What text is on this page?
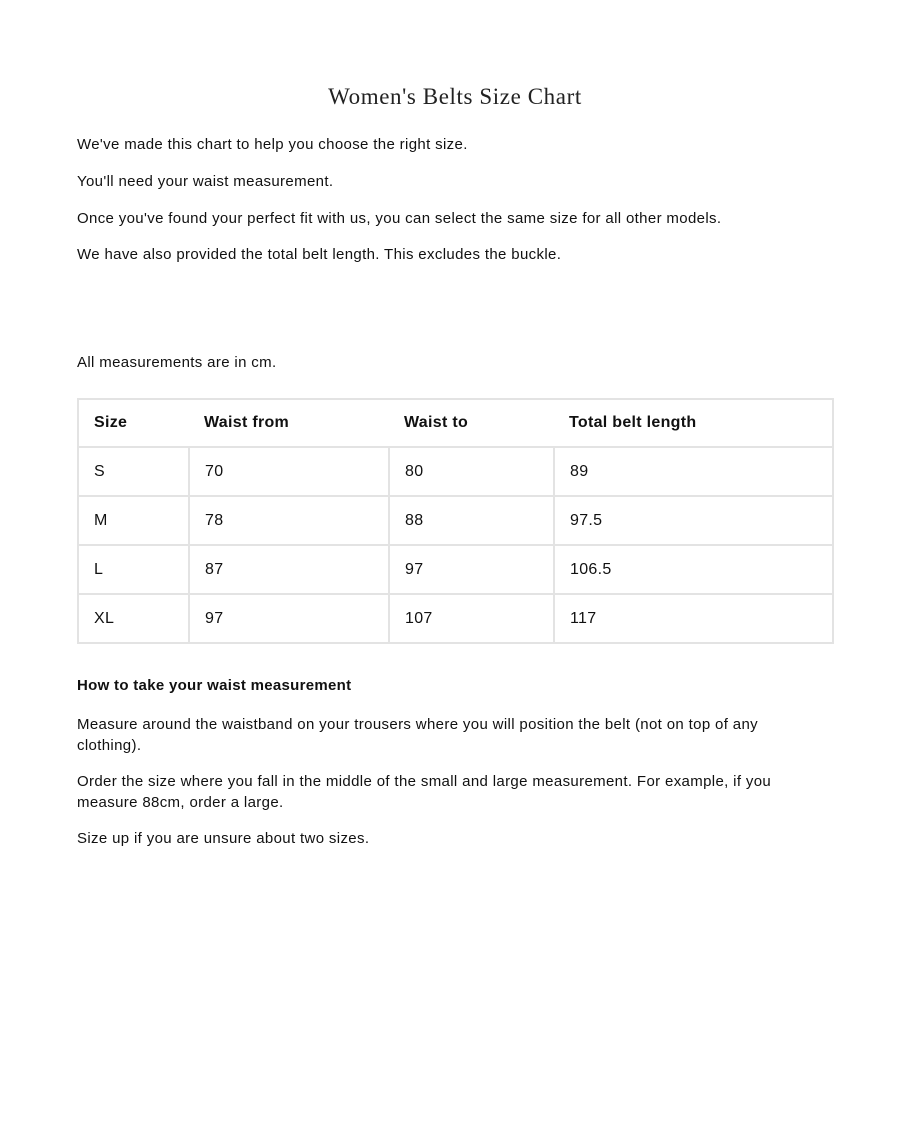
Women's Belts Size Chart

We've made this chart to help you choose the right size.

You'll need your waist measurement.

Once you've found your perfect fit with us, you can select the same size for all other models.

We have also provided the total belt length. This excludes the buckle.

All measurements are in cm.

Size	Waist from	Waist to	Total belt length
S	70	80	89
M	78	88	97.5
L	87	97	106.5
XL	97	107	117
How to take your waist measurement

Measure around the waistband on your trousers where you will position the belt (not on top of any clothing).

Order the size where you fall in the middle of the small and large measurement. For example, if you measure 88cm, order a large.

Size up if you are unsure about two sizes.
